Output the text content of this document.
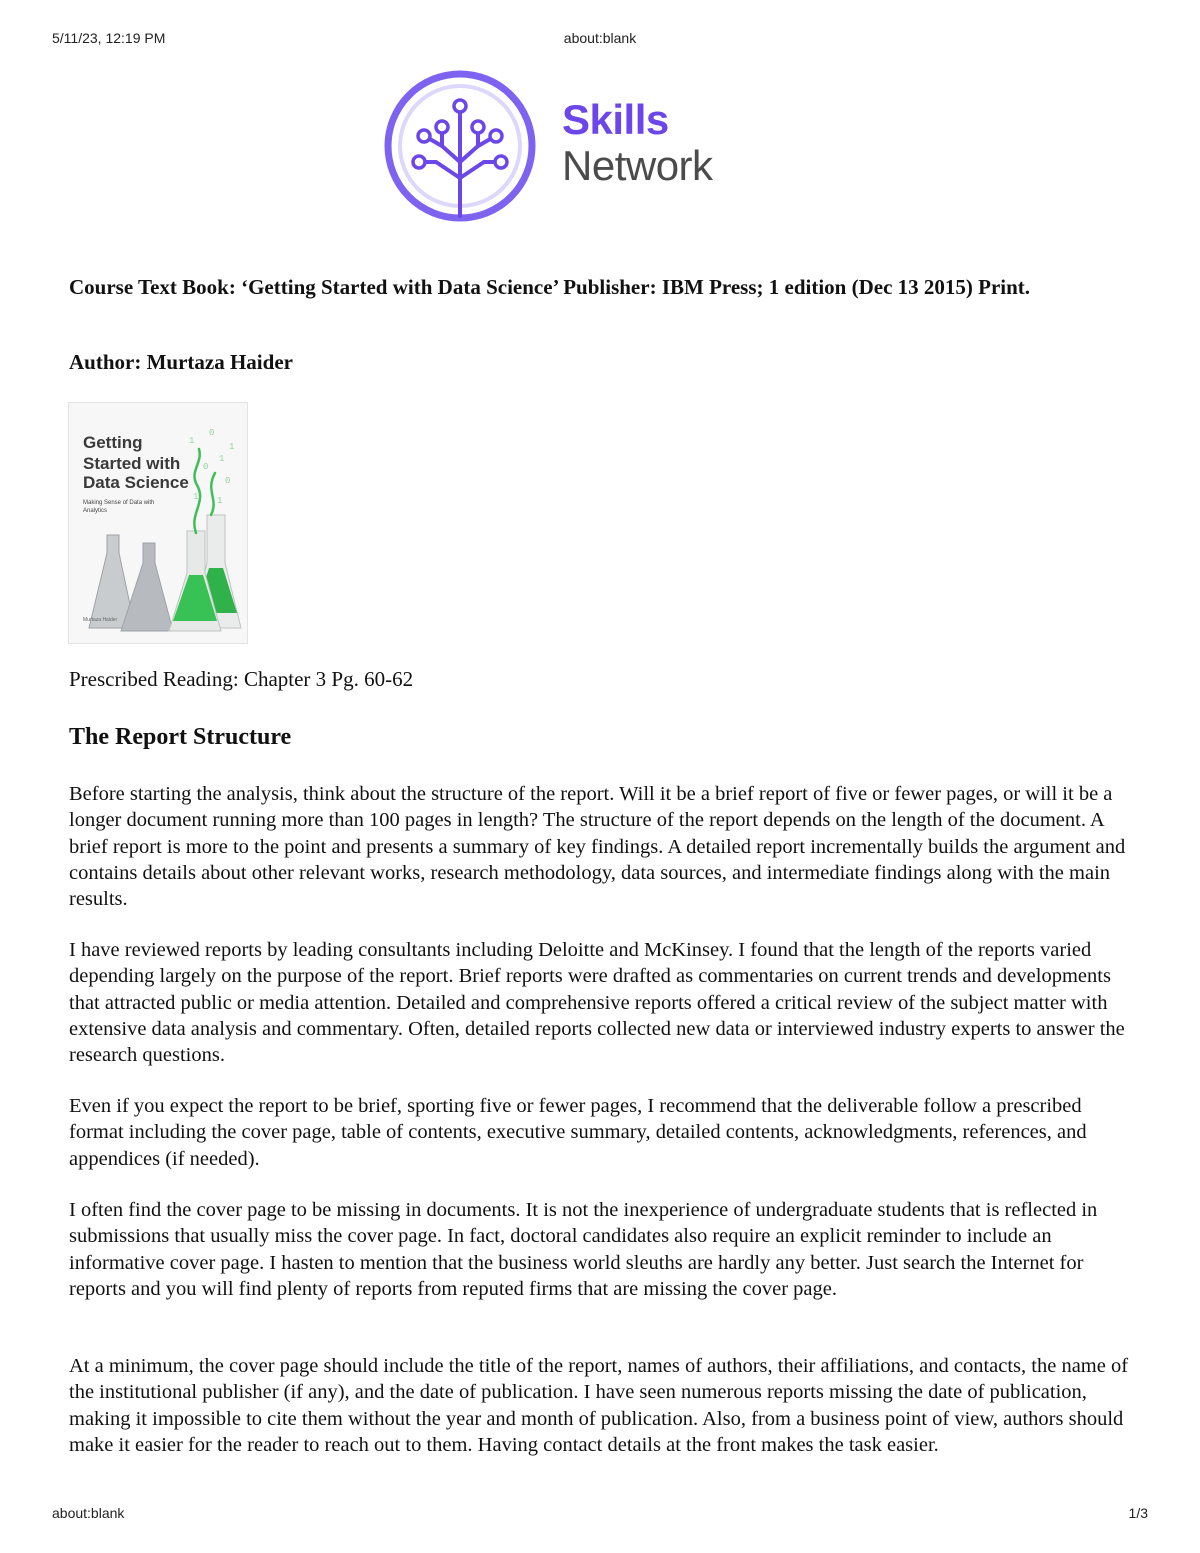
about:blank
5/11/23, 12:19 PM
Skills
Network
Course Text Book: ‘Getting Started with Data Science’ Publisher: IBM Press; 1 edition (Dec 13 2015) Print.
Author: Murtaza Haider
1
0
1
0
0
1 1
1
Getting
Started with
Data Science
Making Sense of Data with Analytics
Murtaza Haider
Prescribed Reading: Chapter 3 Pg. 60-62
The Report Structure

Before starting the analysis, think about the structure of the report. Will it be a brief report of five or fewer pages, or will it be a longer document running more than 100 pages in length? The structure of the report depends on the length of the document. A brief report is more to the point and presents a summary of key findings. A detailed report incrementally builds the argument and contains details about other relevant works, research methodology, data sources, and intermediate findings along with the main results.

I have reviewed reports by leading consultants including Deloitte and McKinsey. I found that the length of the reports varied depending largely on the purpose of the report. Brief reports were drafted as commentaries on current trends and developments that attracted public or media attention. Detailed and comprehensive reports offered a critical review of the subject matter with extensive data analysis and commentary. Often, detailed reports collected new data or interviewed industry experts to answer the research questions.

Even if you expect the report to be brief, sporting five or fewer pages, I recommend that the deliverable follow a prescribed format including the cover page, table of contents, executive summary, detailed contents, acknowledgments, references, and appendices (if needed).

I often find the cover page to be missing in documents. It is not the inexperience of undergraduate students that is reflected in submissions that usually miss the cover page. In fact, doctoral candidates also require an explicit reminder to include an informative cover page. I hasten to mention that the business world sleuths are hardly any better. Just search the Internet for reports and you will find plenty of reports from reputed firms that are missing the cover page.

At a minimum, the cover page should include the title of the report, names of authors, their affiliations, and contacts, the name of the institutional publisher (if any), and the date of publication. I have seen numerous reports missing the date of publication, making it impossible to cite them without the year and month of publication. Also, from a business point of view, authors should make it easier for the reader to reach out to them. Having contact details at the front makes the task easier.

about:blank	1/3
